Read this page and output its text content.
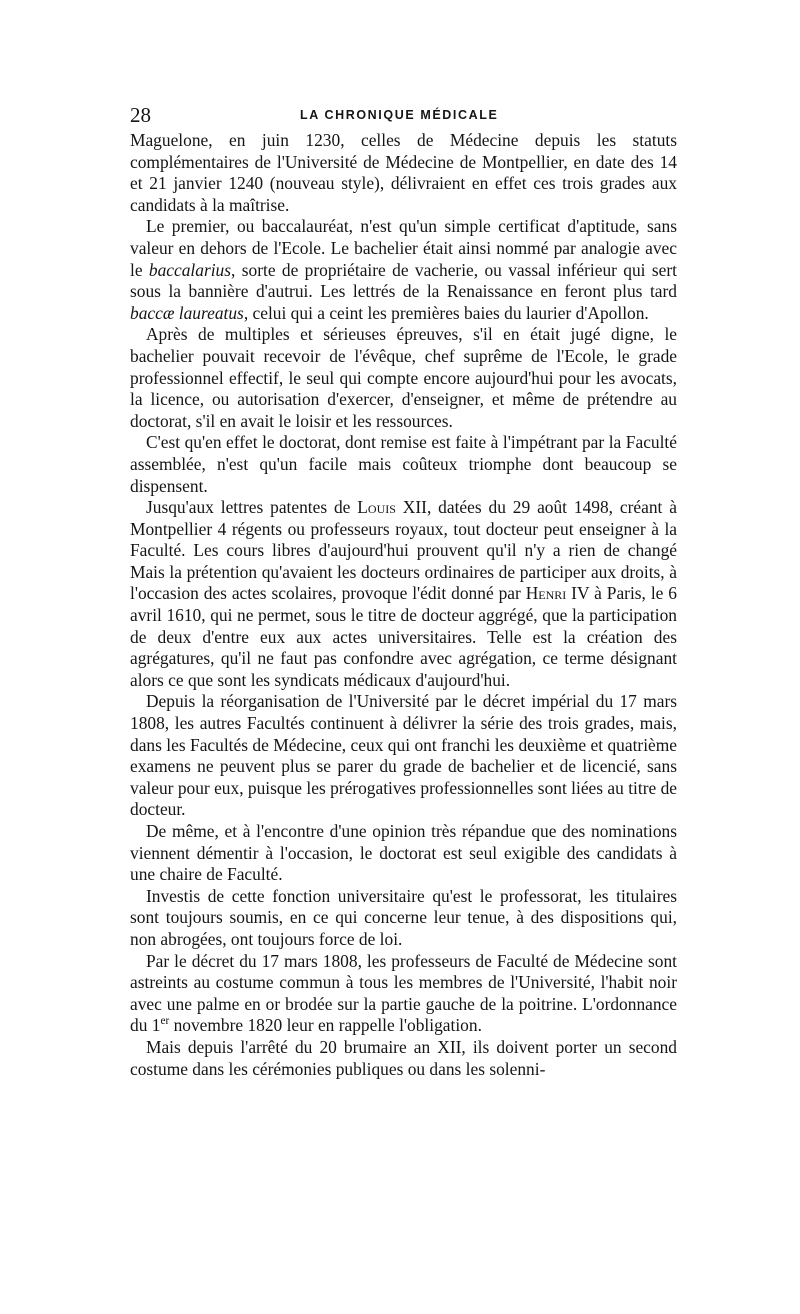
28	LA CHRONIQUE MÉDICALE

Maguelone, en juin 1230, celles de Médecine depuis les statuts complémentaires de l'Université de Médecine de Montpellier, en date des 14 et 21 janvier 1240 (nouveau style), délivraient en effet ces trois grades aux candidats à la maîtrise.

Le premier, ou baccalauréat, n'est qu'un simple certificat d'aptitude, sans valeur en dehors de l'Ecole. Le bachelier était ainsi nommé par analogie avec le baccalarius, sorte de propriétaire de vacherie, ou vassal inférieur qui sert sous la bannière d'autrui. Les lettrés de la Renaissance en feront plus tard baccæ laureatus, celui qui a ceint les premières baies du laurier d'Apollon.

Après de multiples et sérieuses épreuves, s'il en était jugé digne, le bachelier pouvait recevoir de l'évêque, chef suprême de l'Ecole, le grade professionnel effectif, le seul qui compte encore aujourd'hui pour les avocats, la licence, ou autorisation d'exercer, d'enseigner, et même de prétendre au doctorat, s'il en avait le loisir et les ressources.

C'est qu'en effet le doctorat, dont remise est faite à l'impétrant par la Faculté assemblée, n'est qu'un facile mais coûteux triomphe dont beaucoup se dispensent.

Jusqu'aux lettres patentes de Louis XII, datées du 29 août 1498, créant à Montpellier 4 régents ou professeurs royaux, tout docteur peut enseigner à la Faculté. Les cours libres d'aujourd'hui prouvent qu'il n'y a rien de changé Mais la prétention qu'avaient les docteurs ordinaires de participer aux droits, à l'occasion des actes scolaires, provoque l'édit donné par Henri IV à Paris, le 6 avril 1610, qui ne permet, sous le titre de docteur aggrégé, que la participation de deux d'entre eux aux actes universitaires. Telle est la création des agrégatures, qu'il ne faut pas confondre avec agrégation, ce terme désignant alors ce que sont les syndicats médicaux d'aujourd'hui.

Depuis la réorganisation de l'Université par le décret impérial du 17 mars 1808, les autres Facultés continuent à délivrer la série des trois grades, mais, dans les Facultés de Médecine, ceux qui ont franchi les deuxième et quatrième examens ne peuvent plus se parer du grade de bachelier et de licencié, sans valeur pour eux, puisque les prérogatives professionnelles sont liées au titre de docteur.

De même, et à l'encontre d'une opinion très répandue que des nominations viennent démentir à l'occasion, le doctorat est seul exigible des candidats à une chaire de Faculté.

Investis de cette fonction universitaire qu'est le professorat, les titulaires sont toujours soumis, en ce qui concerne leur tenue, à des dispositions qui, non abrogées, ont toujours force de loi.

Par le décret du 17 mars 1808, les professeurs de Faculté de Médecine sont astreints au costume commun à tous les membres de l'Université, l'habit noir avec une palme en or brodée sur la partie gauche de la poitrine. L'ordonnance du 1er novembre 1820 leur en rappelle l'obligation.

Mais depuis l'arrêté du 20 brumaire an XII, ils doivent porter un second costume dans les cérémonies publiques ou dans les solenni-
